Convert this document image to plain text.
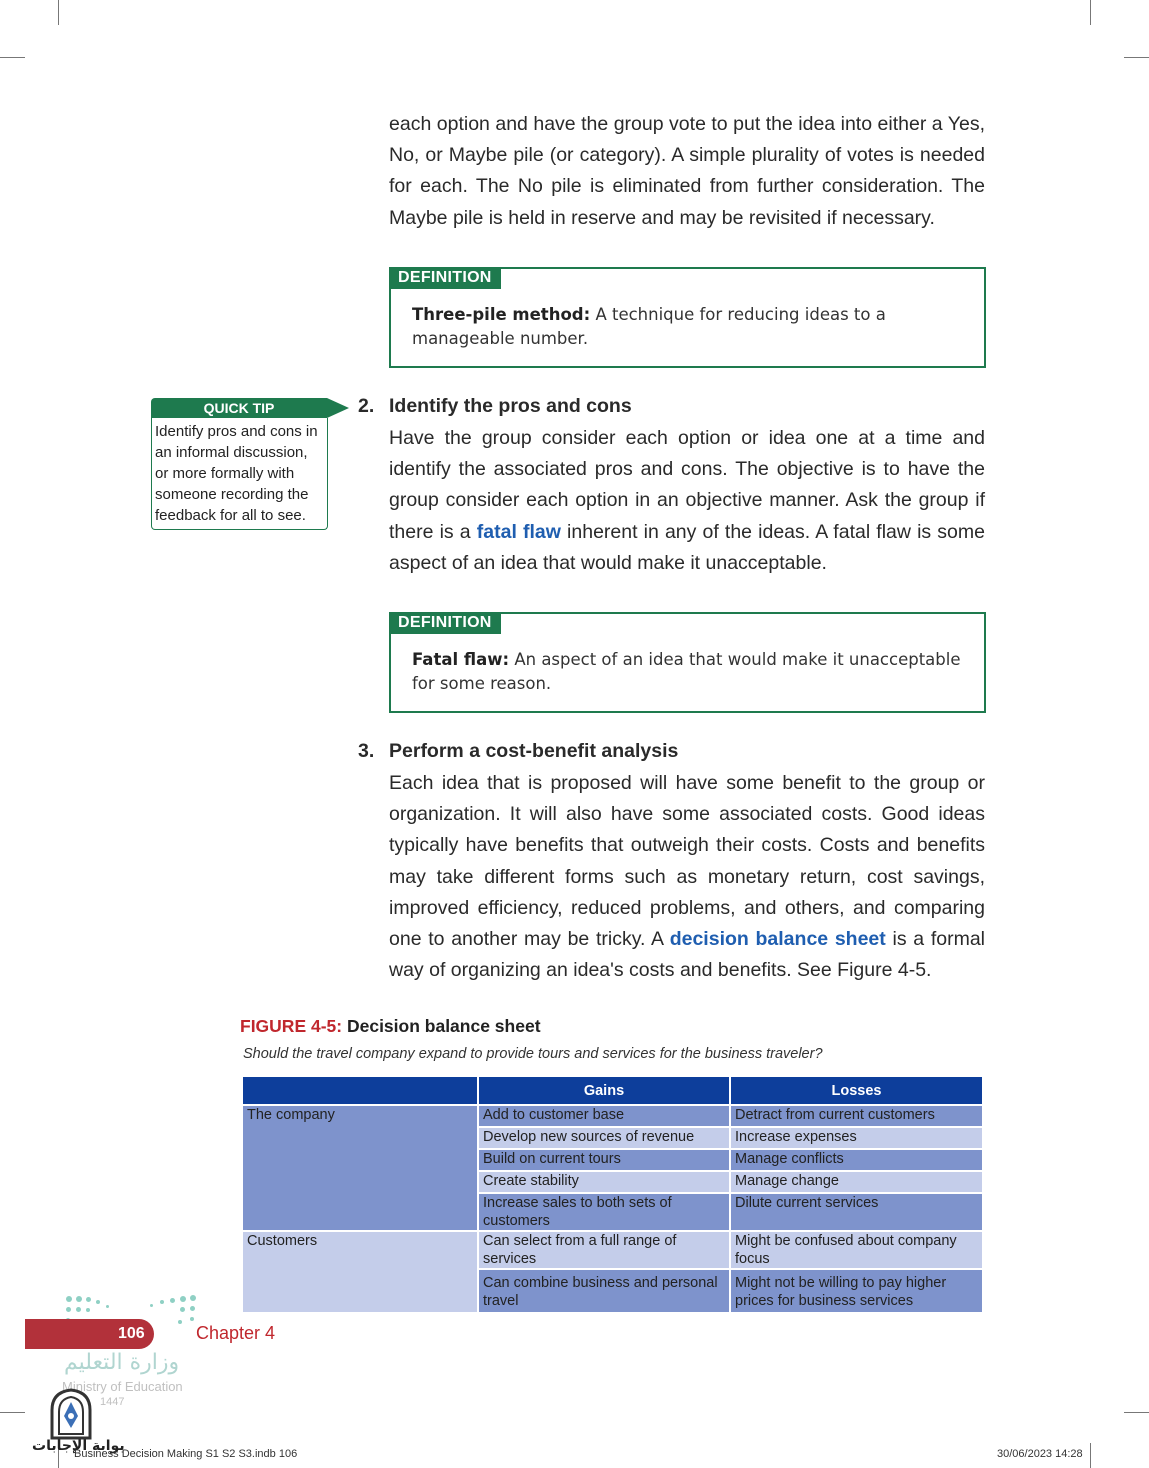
each option and have the group vote to put the idea into either a Yes, No, or Maybe pile (or category). A simple plurality of votes is needed for each. The No pile is eliminated from further consideration. The Maybe pile is held in reserve and may be revisited if necessary.

DEFINITION

Three-pile method: A technique for reducing ideas to a manageable number.

QUICK TIP

Identify pros and cons in an informal discussion, or more formally with someone recording the feedback for all to see.

2. Identify the pros and cons

Have the group consider each option or idea one at a time and identify the associated pros and cons. The objective is to have the group consider each option in an objective manner. Ask the group if there is a fatal flaw inherent in any of the ideas. A fatal flaw is some aspect of an idea that would make it unacceptable.

DEFINITION

Fatal flaw: An aspect of an idea that would make it unacceptable for some reason.

3. Perform a cost-benefit analysis

Each idea that is proposed will have some benefit to the group or organization. It will also have some associated costs. Good ideas typically have benefits that outweigh their costs. Costs and benefits may take different forms such as monetary return, cost savings, improved efficiency, reduced problems, and others, and comparing one to another may be tricky. A decision balance sheet is a formal way of organizing an idea's costs and benefits. See Figure 4-5.

FIGURE 4-5: Decision balance sheet
Should the travel company expand to provide tours and services for the business traveler?
	Gains	Losses
The company	Add to customer base	Detract from current customers
	Develop new sources of revenue	Increase expenses
	Build on current tours	Manage conflicts
	Create stability	Manage change
	Increase sales to both sets of customers	Dilute current services
Customers	Can select from a full range of services	Might be confused about company focus
	Can combine business and personal travel	Might not be willing to pay higher prices for business services
106	Chapter 4
وزارة التعليم
Ministry of Education
1447
بوابة الإجابات
Business Decision Making S1 S2 S3.indb 106	30/06/2023 14:28
